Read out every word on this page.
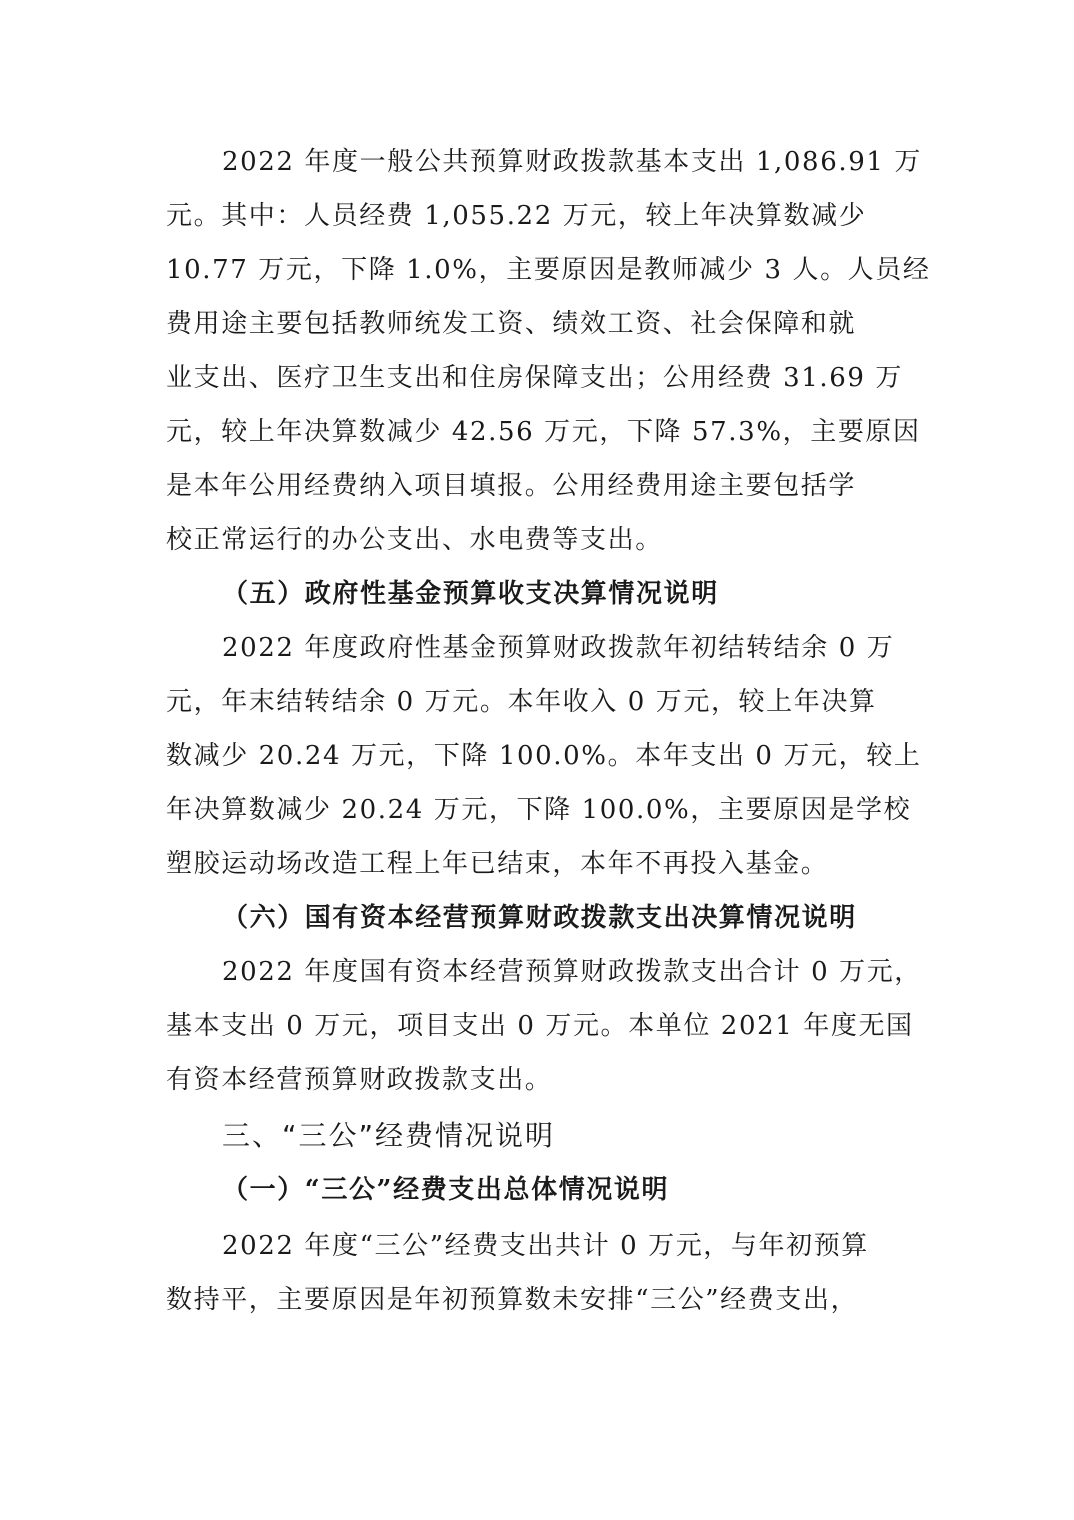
2022 年度一般公共预算财政拨款基本支出 1,086.91 万
元。其中：人员经费 1,055.22 万元，较上年决算数减少
10.77 万元，下降 1.0%，主要原因是教师减少 3 人。人员经
费用途主要包括教师统发工资、绩效工资、社会保障和就
业支出、医疗卫生支出和住房保障支出；公用经费 31.69 万
元，较上年决算数减少 42.56 万元，下降 57.3%，主要原因
是本年公用经费纳入项目填报。公用经费用途主要包括学
校正常运行的办公支出、水电费等支出。
（五）政府性基金预算收支决算情况说明
2022 年度政府性基金预算财政拨款年初结转结余 0 万
元，年末结转结余 0 万元。本年收入 0 万元，较上年决算
数减少 20.24 万元，下降 100.0%。本年支出 0 万元，较上
年决算数减少 20.24 万元，下降 100.0%，主要原因是学校
塑胶运动场改造工程上年已结束，本年不再投入基金。
（六）国有资本经营预算财政拨款支出决算情况说明
2022 年度国有资本经营预算财政拨款支出合计 0 万元，
基本支出 0 万元，项目支出 0 万元。本单位 2021 年度无国
有资本经营预算财政拨款支出。
三、“三公”经费情况说明
（一）“三公”经费支出总体情况说明
2022 年度“三公”经费支出共计 0 万元，与年初预算
数持平，主要原因是年初预算数未安排“三公”经费支出，
